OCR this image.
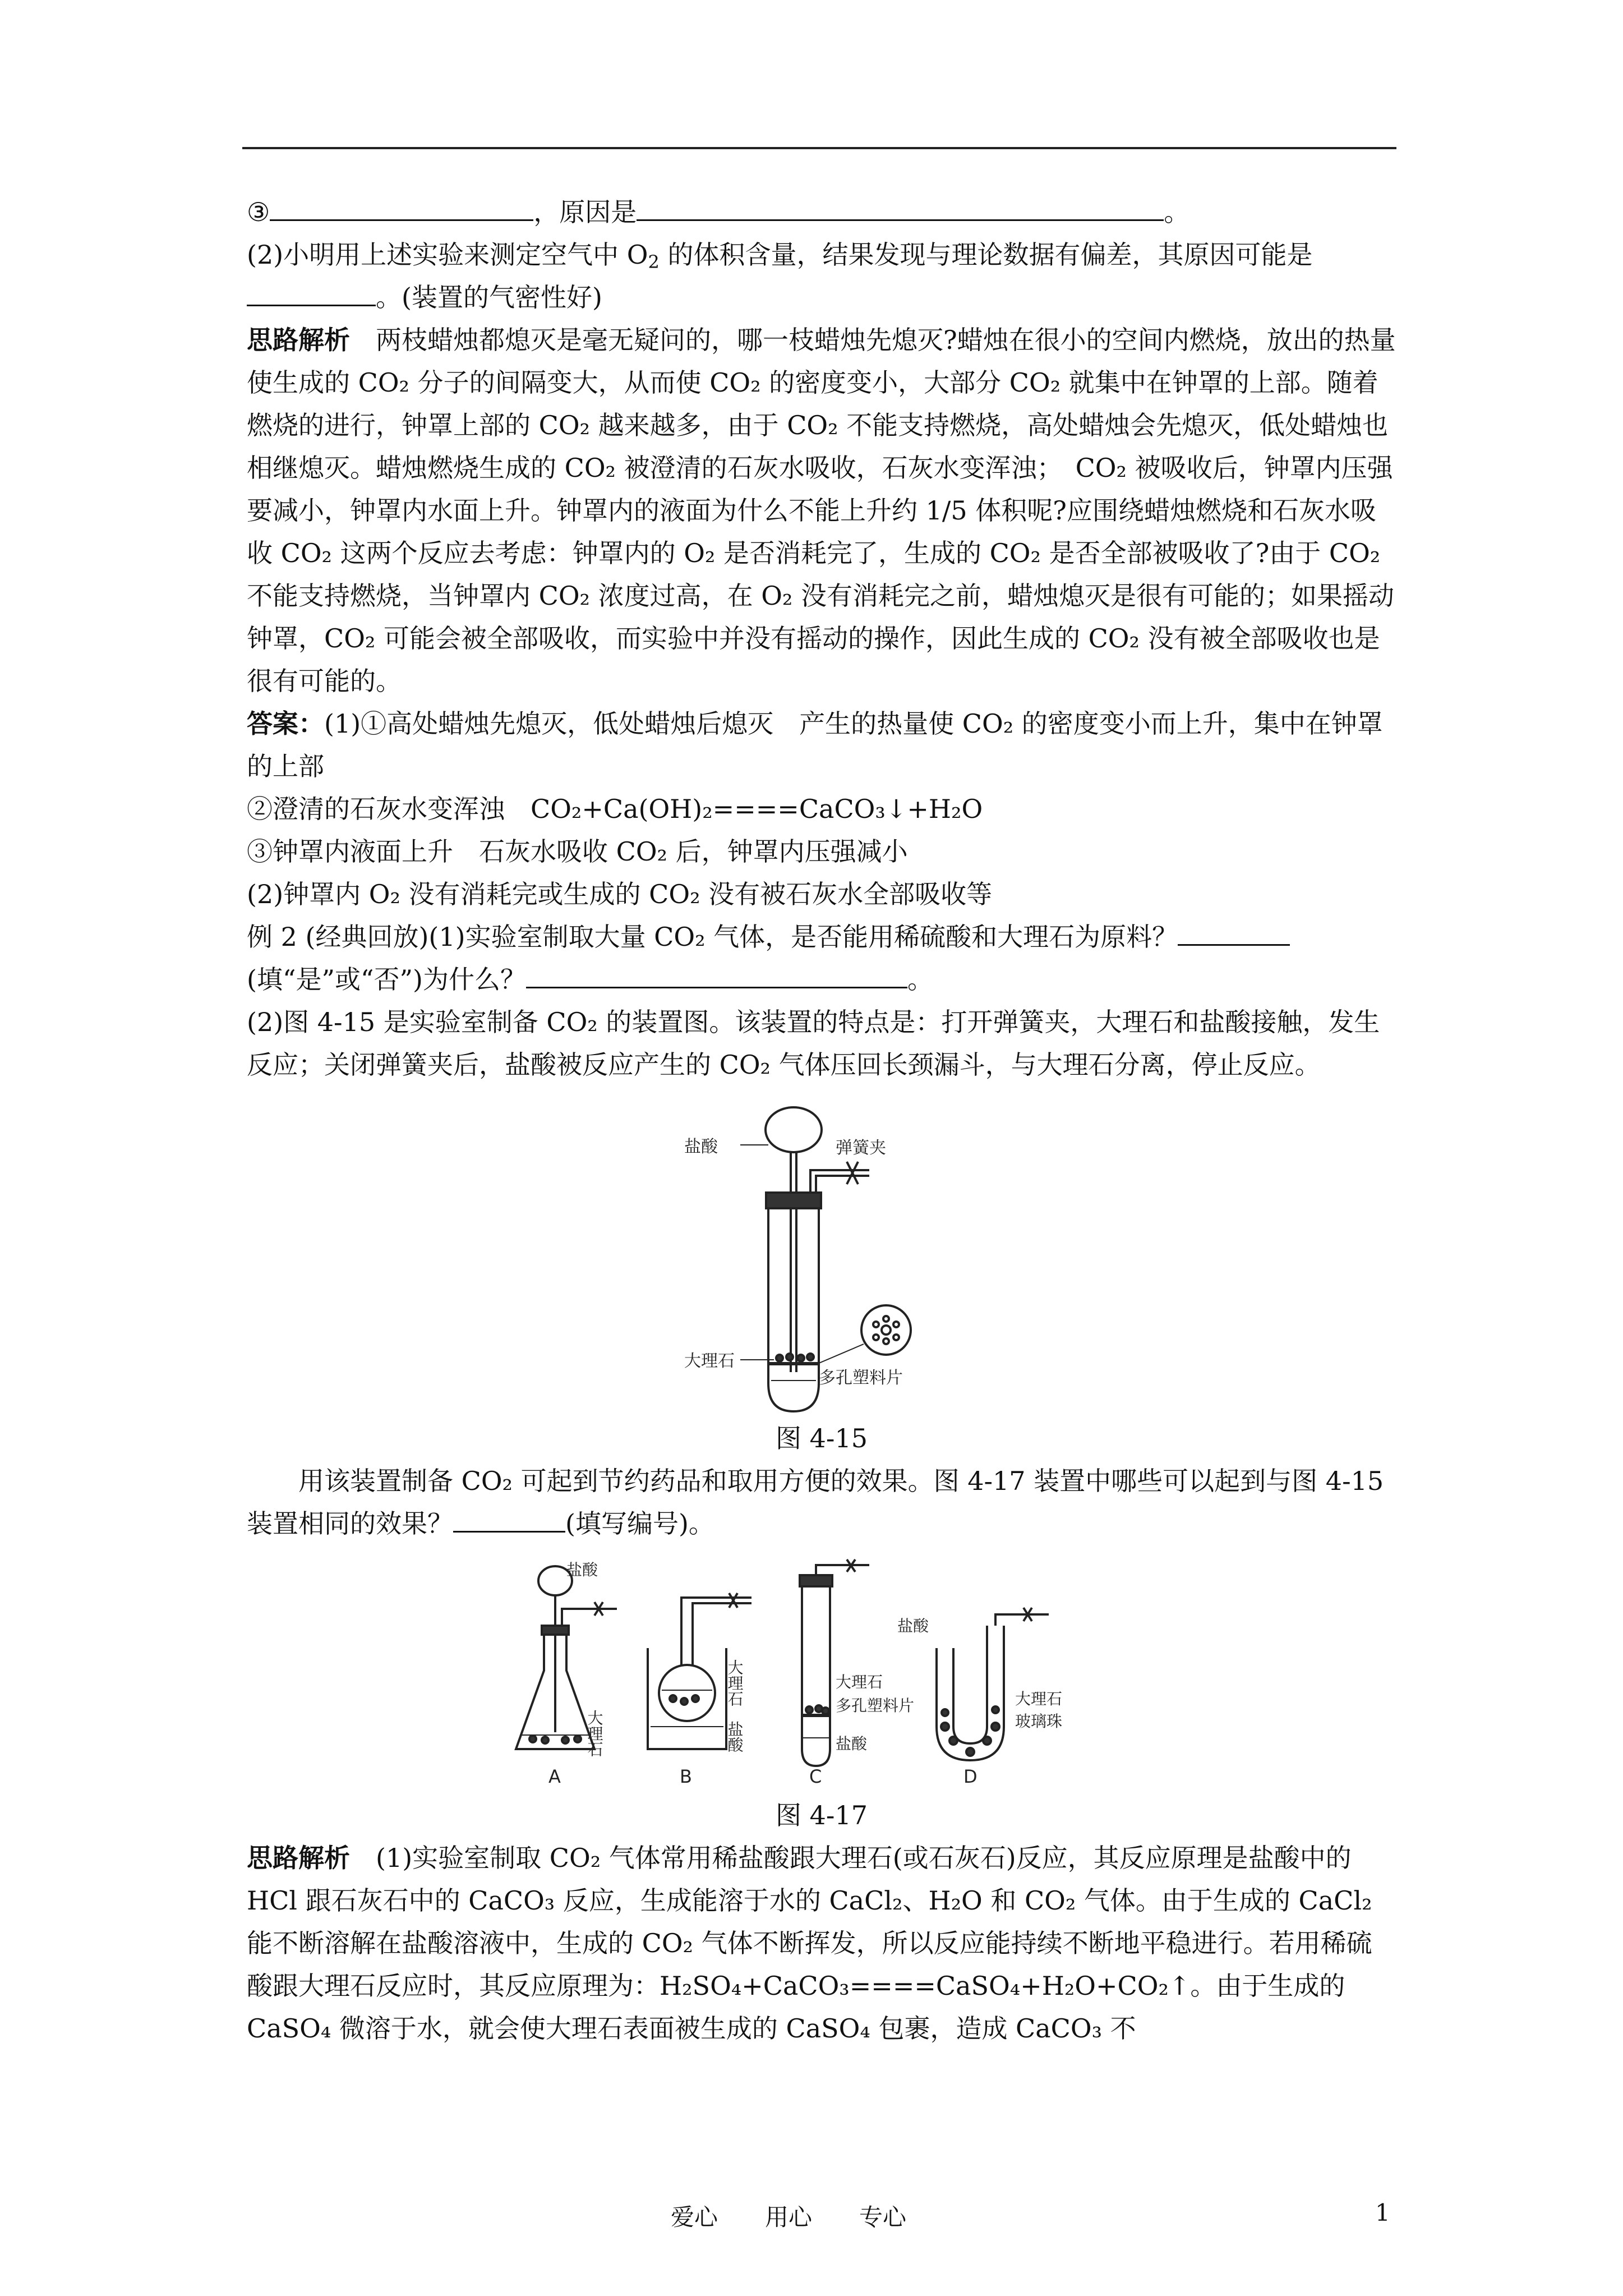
③	，原因是	。

(2)小明用上述实验来测定空气中 $O_2$ 的体积含量，结果发现与理论数据有偏差，其原因可能是。(装置的气密性好)

思路解析　两枝蜡烛都熄灭是毫无疑问的，哪一枝蜡烛先熄灭?蜡烛在很小的空间内燃烧，放出的热量使生成的 CO₂ 分子的间隔变大，从而使 CO₂ 的密度变小，大部分 CO₂ 就集中在钟罩的上部。随着燃烧的进行，钟罩上部的 CO₂ 越来越多，由于 CO₂ 不能支持燃烧，高处蜡烛会先熄灭，低处蜡烛也相继熄灭。蜡烛燃烧生成的 CO₂ 被澄清的石灰水吸收，石灰水变浑浊；　CO₂ 被吸收后，钟罩内压强要减小，钟罩内水面上升。钟罩内的液面为什么不能上升约 1/5 体积呢?应围绕蜡烛燃烧和石灰水吸收 CO₂ 这两个反应去考虑：钟罩内的 O₂ 是否消耗完了，生成的 CO₂ 是否全部被吸收了?由于 CO₂ 不能支持燃烧，当钟罩内 CO₂ 浓度过高，在 O₂ 没有消耗完之前，蜡烛熄灭是很有可能的；如果摇动钟罩，CO₂ 可能会被全部吸收，而实验中并没有摇动的操作，因此生成的 CO₂ 没有被全部吸收也是很有可能的。

答案：(1)①高处蜡烛先熄灭，低处蜡烛后熄灭　产生的热量使 CO₂ 的密度变小而上升，集中在钟罩的上部

②澄清的石灰水变浑浊　CO₂+Ca(OH)₂====CaCO₃↓+H₂O

③钟罩内液面上升　石灰水吸收 CO₂ 后，钟罩内压强减小

(2)钟罩内 O₂ 没有消耗完或生成的 CO₂ 没有被石灰水全部吸收等

例 2 (经典回放)(1)实验室制取大量 CO₂ 气体，是否能用稀硫酸和大理石为原料？(填“是”或“否”)为什么？	。

(2)图 4-15 是实验室制备 CO₂ 的装置图。该装置的特点是：打开弹簧夹，大理石和盐酸接触，发生反应；关闭弹簧夹后，盐酸被反应产生的 CO₂ 气体压回长颈漏斗，与大理石分离，停止反应。

盐酸	弹簧夹
大理石
多孔塑料片

图 4-15

用该装置制备 CO₂ 可起到节约药品和取用方便的效果。图 4-17 装置中哪些可以起到与图 4-15 装置相同的效果？	(填写编号)。

盐酸
大理石
大理石
盐酸
大理石
多孔塑料片
盐酸
盐酸
大理石
玻璃珠
A	B	C	D

图 4-17

思路解析　(1)实验室制取 CO₂ 气体常用稀盐酸跟大理石(或石灰石)反应，其反应原理是盐酸中的 HCl 跟石灰石中的 CaCO₃ 反应，生成能溶于水的 CaCl₂、H₂O 和 CO₂ 气体。由于生成的 CaCl₂ 能不断溶解在盐酸溶液中，生成的 CO₂ 气体不断挥发，所以反应能持续不断地平稳进行。若用稀硫酸跟大理石反应时，其反应原理为：H₂SO₄+CaCO₃====CaSO₄+H₂O+CO₂↑。由于生成的 CaSO₄ 微溶于水，就会使大理石表面被生成的 CaSO₄ 包裹，造成 CaCO₃ 不

爱心　　用心　　专心	1
